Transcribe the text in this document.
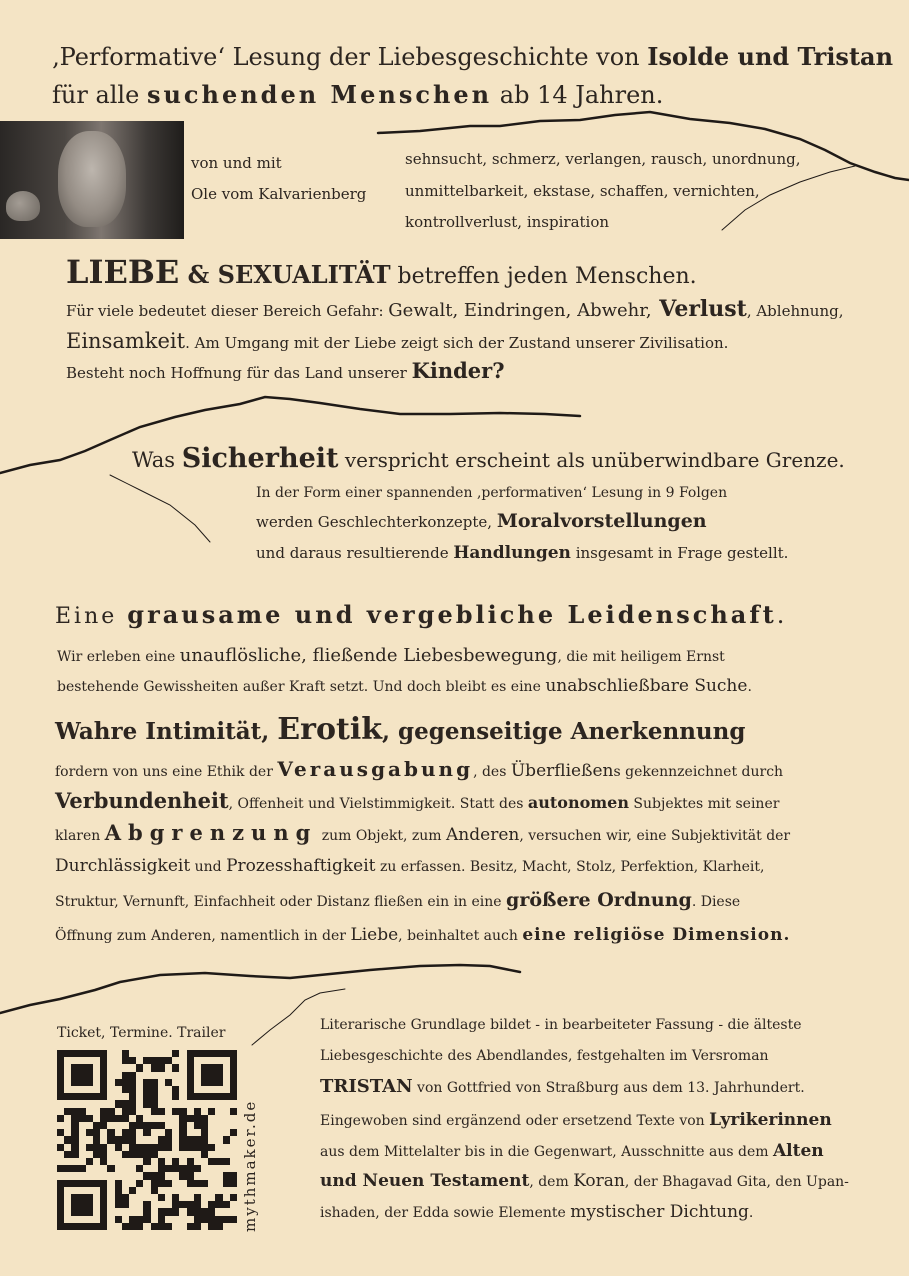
‚Performative‘ Lesung der Liebesgeschichte von Isolde und Tristan
für alle suchenden Menschen ab 14 Jahren.
von und mit
Ole vom Kalvarienberg
sehnsucht, schmerz, verlangen, rausch, unordnung,
unmittelbarkeit, ekstase, schaffen, vernichten,
kontrollverlust, inspiration
LIEBE & SEXUALITÄT betreffen jeden Menschen.
Für viele bedeutet dieser Bereich Gefahr: Gewalt, Eindringen, Abwehr, Verlust, Ablehnung,
Einsamkeit. Am Umgang mit der Liebe zeigt sich der Zustand unserer Zivilisation.
Besteht noch Hoffnung für das Land unserer Kinder?
Was Sicherheit verspricht erscheint als unüberwindbare Grenze.
In der Form einer spannenden ‚performativen‘ Lesung in 9 Folgen
werden Geschlechterkonzepte, Moralvorstellungen
und daraus resultierende Handlungen insgesamt in Frage gestellt.
Eine grausame und vergebliche Leidenschaft.
Wir erleben eine unauflösliche, fließende Liebesbewegung, die mit heiligem Ernst
bestehende Gewissheiten außer Kraft setzt. Und doch bleibt es eine unabschließbare Suche.
Wahre Intimität, Erotik, gegenseitige Anerkennung
fordern von uns eine Ethik der Verausgabung, des Überfließens gekennzeichnet durch
Verbundenheit, Offenheit und Vielstimmigkeit. Statt des autonomen Subjektes mit seiner
klaren Abgrenzung zum Objekt, zum Anderen, versuchen wir, eine Subjektivität der
Durchlässigkeit und Prozesshaftigkeit zu erfassen. Besitz, Macht, Stolz, Perfektion, Klarheit,
Struktur, Vernunft, Einfachheit oder Distanz fließen ein in eine größere Ordnung. Diese
Öffnung zum Anderen, namentlich in der Liebe, beinhaltet auch eine religiöse Dimension.
Ticket, Termine. Trailer
mythmaker.de
Literarische Grundlage bildet - in bearbeiteter Fassung - die älteste
Liebesgeschichte des Abendlandes, festgehalten im Versroman
TRISTAN von Gottfried von Straßburg aus dem 13. Jahrhundert.
Eingewoben sind ergänzend oder ersetzend Texte von Lyrikerinnen
aus dem Mittelalter bis in die Gegenwart, Ausschnitte aus dem Alten
und Neuen Testament, dem Koran, der Bhagavad Gita, den Upan-
ishaden, der Edda sowie Elemente mystischer Dichtung.
